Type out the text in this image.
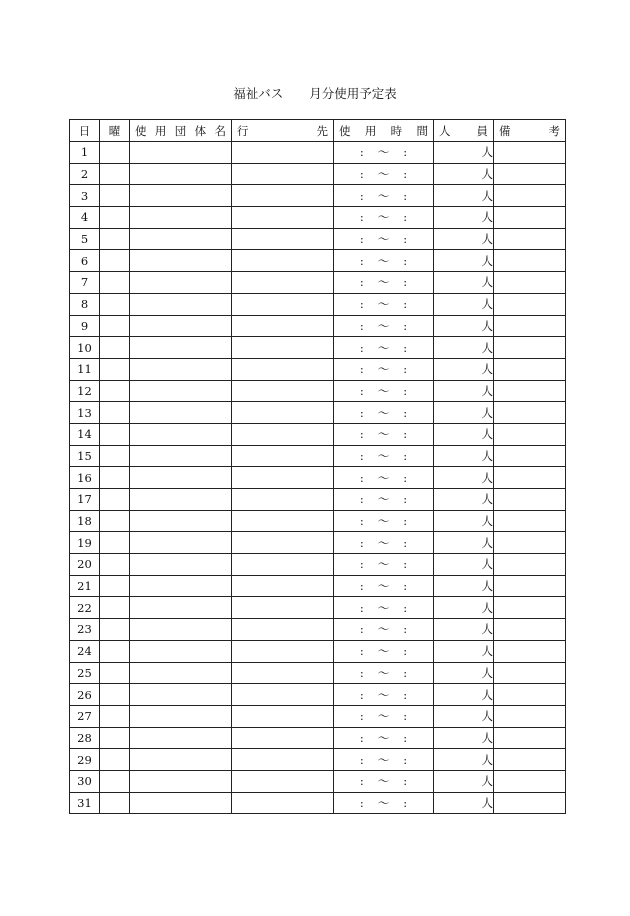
福祉バス 月分使用予定表
日	曜	使 用 団 体 名	行 先	使 用 時 間	人 員	備 考

1				: 〜 :	人	
2				: 〜 :	人	
3				: 〜 :	人	
4				: 〜 :	人	
5				: 〜 :	人	
6				: 〜 :	人	
7				: 〜 :	人	
8				: 〜 :	人	
9				: 〜 :	人	
10				: 〜 :	人	
11				: 〜 :	人	
12				: 〜 :	人	
13				: 〜 :	人	
14				: 〜 :	人	
15				: 〜 :	人	
16				: 〜 :	人	
17				: 〜 :	人	
18				: 〜 :	人	
19				: 〜 :	人	
20				: 〜 :	人	
21				: 〜 :	人	
22				: 〜 :	人	
23				: 〜 :	人	
24				: 〜 :	人	
25				: 〜 :	人	
26				: 〜 :	人	
27				: 〜 :	人	
28				: 〜 :	人	
29				: 〜 :	人	
30				: 〜 :	人	
31				: 〜 :	人	
